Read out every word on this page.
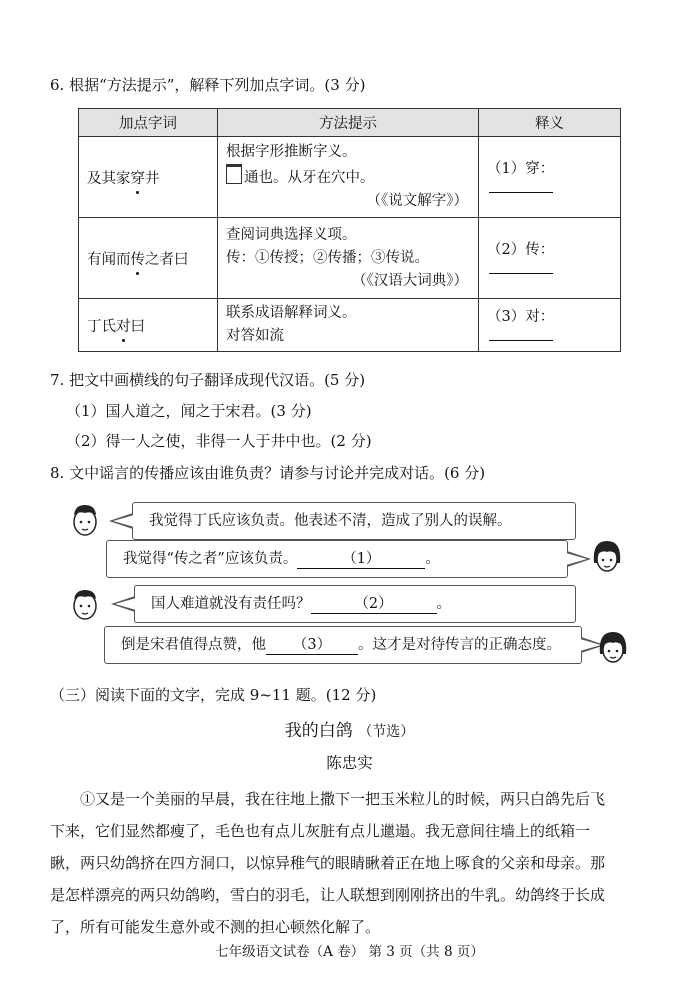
6. 根据“方法提示”，解释下列加点字词。(3 分)
加点字词	方法提示	释义
及其家穿井	根据字形推断字义。
通也。从牙在穴中。
（《说文解字》）	（1）穿：
有闻而传之者曰	查阅词典选择义项。
传：①传授；②传播；③传说。
（《汉语大词典》）	（2）传：
丁氏对曰	联系成语解释词义。
对答如流	（3）对：
7. 把文中画横线的句子翻译成现代汉语。(5 分)
（1）国人道之，闻之于宋君。(3 分)
（2）得一人之使，非得一人于井中也。(2 分)
8. 文中谣言的传播应该由谁负责？请参与讨论并完成对话。(6 分)
我觉得丁氏应该负责。他表述不清，造成了别人的误解。
我觉得“传之者”应该负责。	（1）	。
国人难道就没有责任吗？	（2）	。
倒是宋君值得点赞，他 （3） 。这才是对待传言的正确态度。
（三）阅读下面的文字，完成 9~11 题。(12 分)
我的白鸽 （节选）
陈忠实
①又是一个美丽的早晨，我在往地上撒下一把玉米粒儿的时候，两只白鸽先后飞
下来，它们显然都瘦了，毛色也有点儿灰脏有点儿邋遢。我无意间往墙上的纸箱一
瞅，两只幼鸽挤在四方洞口，以惊异稚气的眼睛瞅着正在地上啄食的父亲和母亲。那
是怎样漂亮的两只幼鸽哟，雪白的羽毛，让人联想到刚刚挤出的牛乳。幼鸽终于长成
了，所有可能发生意外或不测的担心顿然化解了。
七年级语文试卷（A 卷） 第 3 页（共 8 页）
